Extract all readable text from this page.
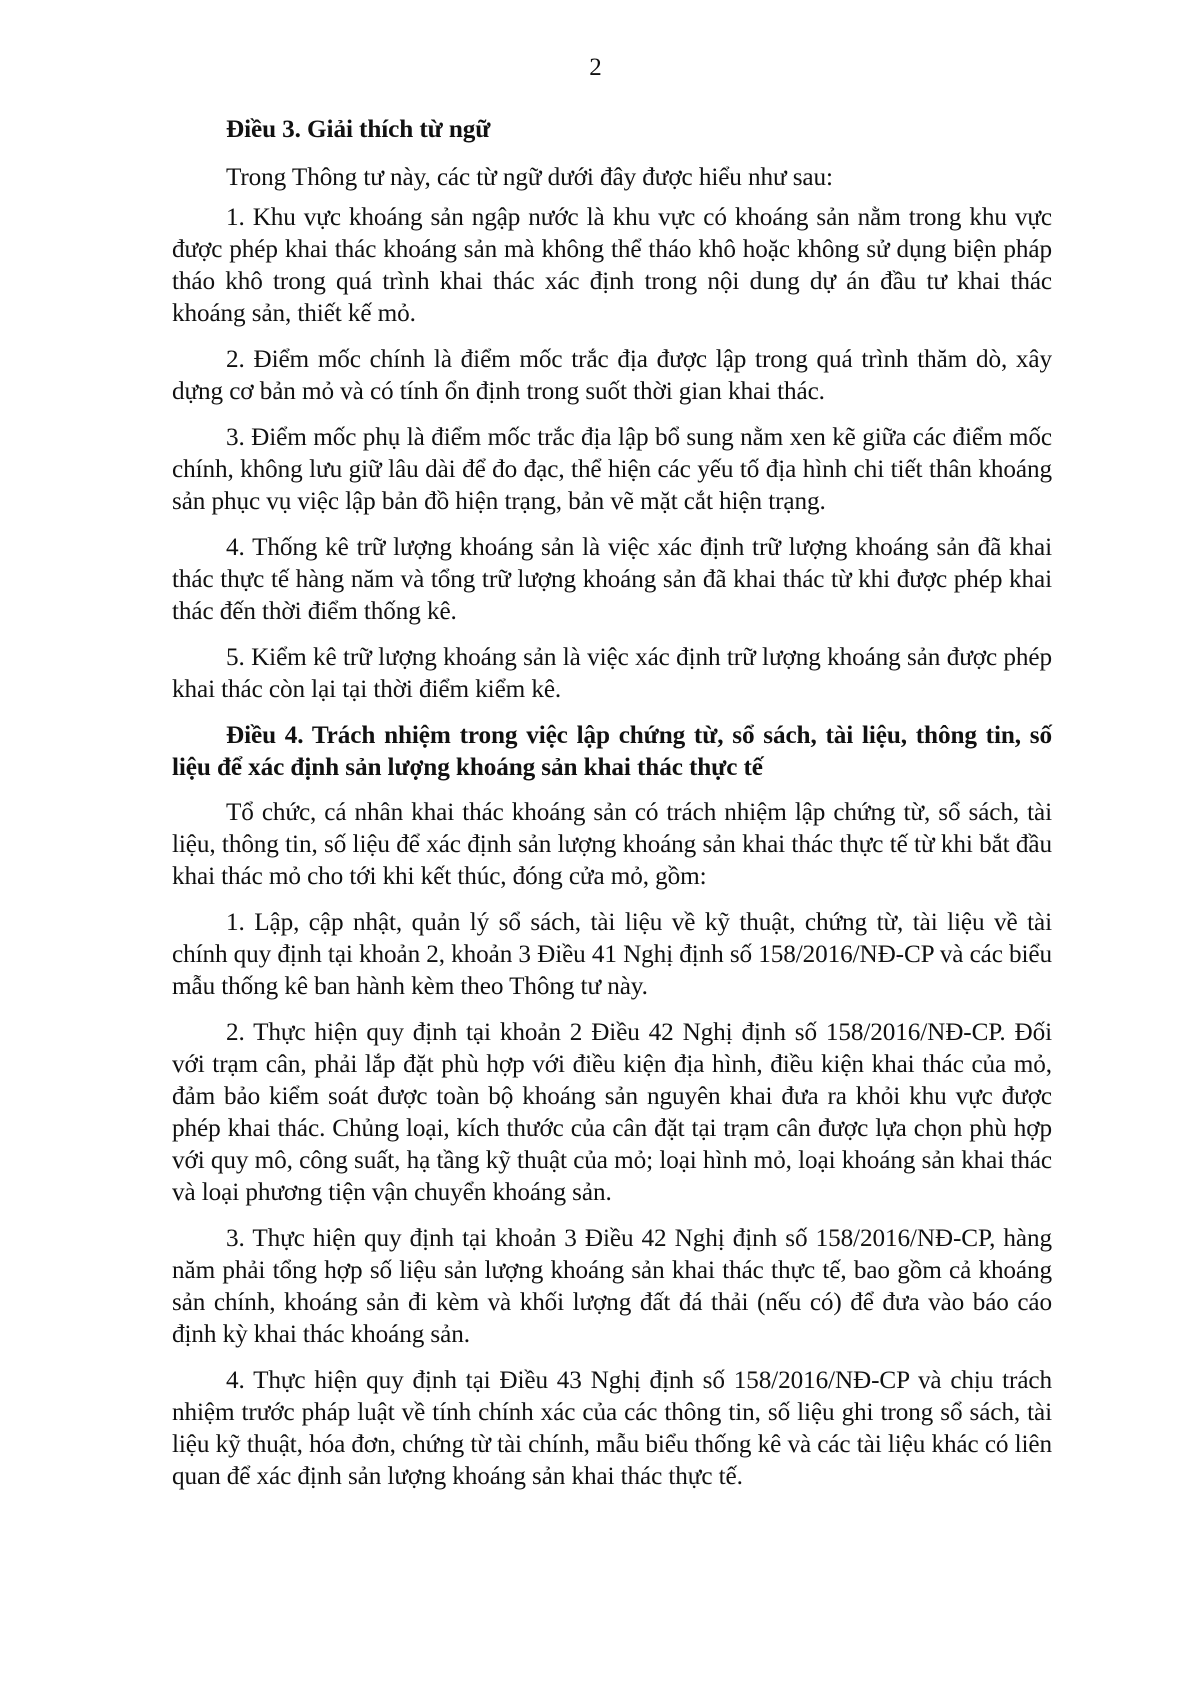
2

Điều 3. Giải thích từ ngữ

Trong Thông tư này, các từ ngữ dưới đây được hiểu như sau:

1. Khu vực khoáng sản ngập nước là khu vực có khoáng sản nằm trong khu vực được phép khai thác khoáng sản mà không thể tháo khô hoặc không sử dụng biện pháp tháo khô trong quá trình khai thác xác định trong nội dung dự án đầu tư khai thác khoáng sản, thiết kế mỏ.

2. Điểm mốc chính là điểm mốc trắc địa được lập trong quá trình thăm dò, xây dựng cơ bản mỏ và có tính ổn định trong suốt thời gian khai thác.

3. Điểm mốc phụ là điểm mốc trắc địa lập bổ sung nằm xen kẽ giữa các điểm mốc chính, không lưu giữ lâu dài để đo đạc, thể hiện các yếu tố địa hình chi tiết thân khoáng sản phục vụ việc lập bản đồ hiện trạng, bản vẽ mặt cắt hiện trạng.

4. Thống kê trữ lượng khoáng sản là việc xác định trữ lượng khoáng sản đã khai thác thực tế hàng năm và tổng trữ lượng khoáng sản đã khai thác từ khi được phép khai thác đến thời điểm thống kê.

5. Kiểm kê trữ lượng khoáng sản là việc xác định trữ lượng khoáng sản được phép khai thác còn lại tại thời điểm kiểm kê.

Điều 4. Trách nhiệm trong việc lập chứng từ, sổ sách, tài liệu, thông tin, số liệu để xác định sản lượng khoáng sản khai thác thực tế

Tổ chức, cá nhân khai thác khoáng sản có trách nhiệm lập chứng từ, sổ sách, tài liệu, thông tin, số liệu để xác định sản lượng khoáng sản khai thác thực tế từ khi bắt đầu khai thác mỏ cho tới khi kết thúc, đóng cửa mỏ, gồm:

1. Lập, cập nhật, quản lý sổ sách, tài liệu về kỹ thuật, chứng từ, tài liệu về tài chính quy định tại khoản 2, khoản 3 Điều 41 Nghị định số 158/2016/NĐ-CP và các biểu mẫu thống kê ban hành kèm theo Thông tư này.

2. Thực hiện quy định tại khoản 2 Điều 42 Nghị định số 158/2016/NĐ-CP. Đối với trạm cân, phải lắp đặt phù hợp với điều kiện địa hình, điều kiện khai thác của mỏ, đảm bảo kiểm soát được toàn bộ khoáng sản nguyên khai đưa ra khỏi khu vực được phép khai thác. Chủng loại, kích thước của cân đặt tại trạm cân được lựa chọn phù hợp với quy mô, công suất, hạ tầng kỹ thuật của mỏ; loại hình mỏ, loại khoáng sản khai thác và loại phương tiện vận chuyển khoáng sản.

3. Thực hiện quy định tại khoản 3 Điều 42 Nghị định số 158/2016/NĐ-CP, hàng năm phải tổng hợp số liệu sản lượng khoáng sản khai thác thực tế, bao gồm cả khoáng sản chính, khoáng sản đi kèm và khối lượng đất đá thải (nếu có) để đưa vào báo cáo định kỳ khai thác khoáng sản.

4. Thực hiện quy định tại Điều 43 Nghị định số 158/2016/NĐ-CP và chịu trách nhiệm trước pháp luật về tính chính xác của các thông tin, số liệu ghi trong sổ sách, tài liệu kỹ thuật, hóa đơn, chứng từ tài chính, mẫu biểu thống kê và các tài liệu khác có liên quan để xác định sản lượng khoáng sản khai thác thực tế.
